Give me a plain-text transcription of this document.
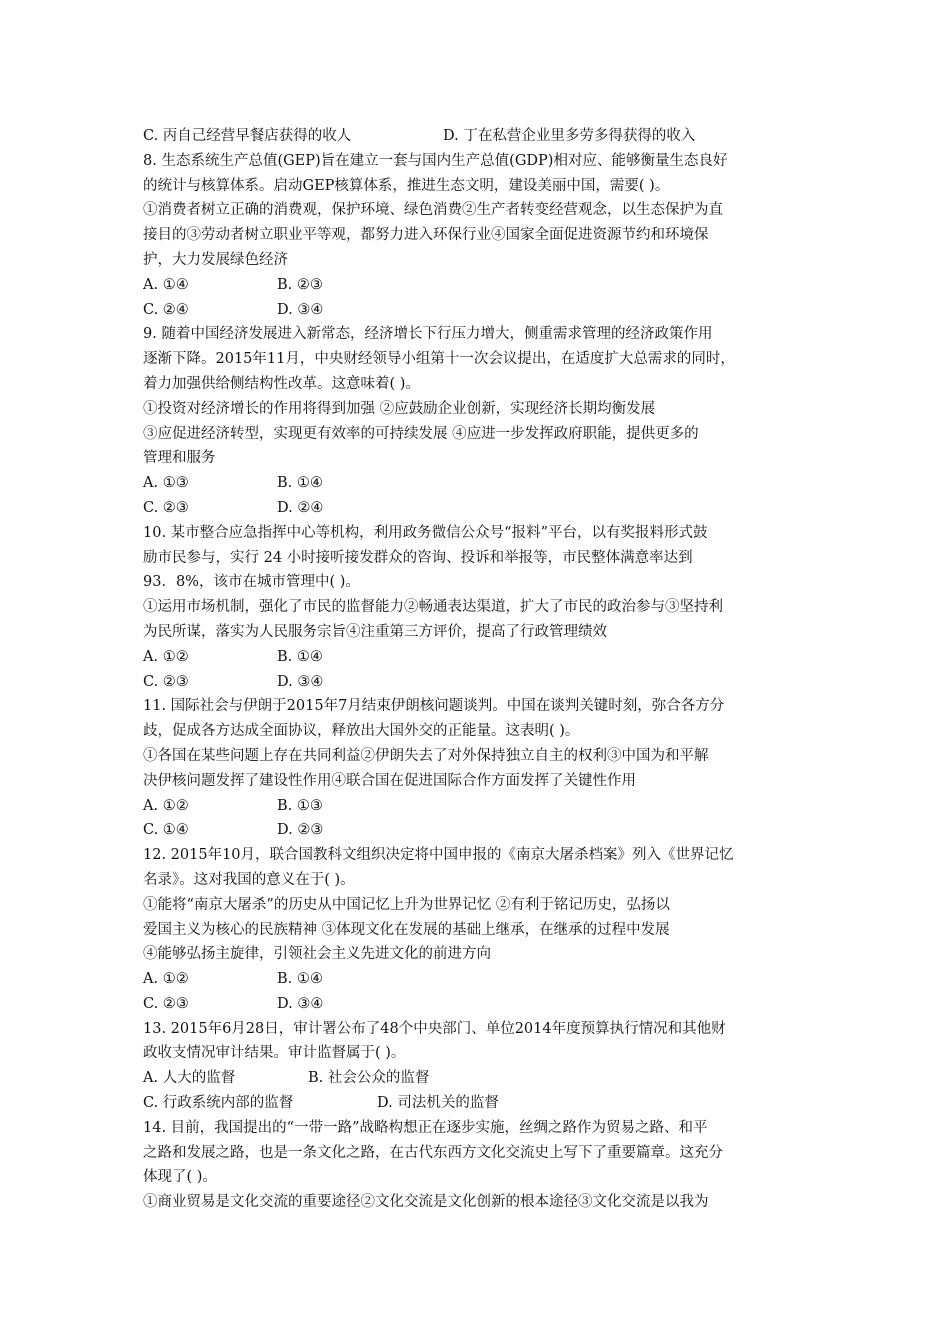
C. 丙自己经营早餐店获得的收人	D. 丁在私营企业里多劳多得获得的收入
8. 生态系统生产总值(GEP)旨在建立一套与国内生产总值(GDP)相对应、能够衡量生态良好
的统计与核算体系。启动GEP核算体系，推进生态文明，建设美丽中国，需要( )。
①消费者树立正确的消费观，保护环境、绿色消费②生产者转变经营观念，以生态保护为直
接目的③劳动者树立职业平等观，都努力进入环保行业④国家全面促进资源节约和环境保
护，大力发展绿色经济
A. ①④	B. ②③
C. ②④	D. ③④
9. 随着中国经济发展进入新常态，经济增长下行压力增大，侧重需求管理的经济政策作用
逐渐下降。2015年11月，中央财经领导小组第十一次会议提出，在适度扩大总需求的同时，
着力加强供给侧结构性改革。这意味着( )。
①投资对经济增长的作用将得到加强 ②应鼓励企业创新，实现经济长期均衡发展
③应促进经济转型，实现更有效率的可持续发展 ④应进一步发挥政府职能，提供更多的
管理和服务
A. ①③	B. ①④
C. ②③	D. ②④
10. 某市整合应急指挥中心等机构，利用政务微信公众号“报料”平台，以有奖报料形式鼓
励市民参与，实行 24 小时接听接发群众的咨询、投诉和举报等，市民整体满意率达到
93．8%，该市在城市管理中( )。
①运用市场机制，强化了市民的监督能力②畅通表达渠道，扩大了市民的政治参与③坚持利
为民所谋，落实为人民服务宗旨④注重第三方评价，提高了行政管理绩效
A. ①②	B. ①④
C. ②③	D. ③④
11. 国际社会与伊朗于2015年7月结束伊朗核问题谈判。中国在谈判关键时刻，弥合各方分
歧，促成各方达成全面协议，释放出大国外交的正能量。这表明( )。
①各国在某些问题上存在共同利益②伊朗失去了对外保持独立自主的权利③中国为和平解
决伊核问题发挥了建设性作用④联合国在促进国际合作方面发挥了关键性作用
A. ①②	B. ①③
C. ①④	D. ②③
12. 2015年10月，联合国教科文组织决定将中国申报的《南京大屠杀档案》列入《世界记忆
名录》。这对我国的意义在于( )。
①能将“南京大屠杀”的历史从中国记忆上升为世界记忆 ②有利于铭记历史，弘扬以
爱国主义为核心的民族精神 ③体现文化在发展的基础上继承，在继承的过程中发展
④能够弘扬主旋律，引领社会主义先进文化的前进方向
A. ①②	B. ①④
C. ②③	D. ③④
13. 2015年6月28日，审计署公布了48个中央部门、单位2014年度预算执行情况和其他财
政收支情况审计结果。审计监督属于( )。
A. 人大的监督	B. 社会公众的监督
C. 行政系统内部的监督	D. 司法机关的监督
14. 目前，我国提出的“一带一路”战略构想正在逐步实施，丝绸之路作为贸易之路、和平
之路和发展之路，也是一条文化之路，在古代东西方文化交流史上写下了重要篇章。这充分
体现了( )。
①商业贸易是文化交流的重要途径②文化交流是文化创新的根本途径③文化交流是以我为
